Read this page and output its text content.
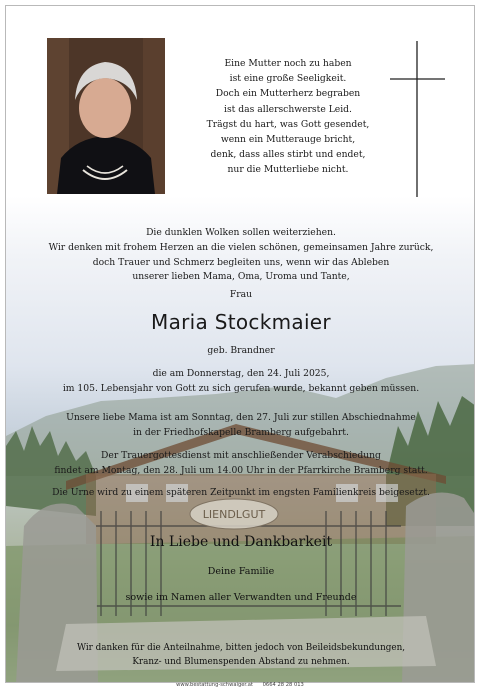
LIENDLGUT
Eine Mutter noch zu haben
ist eine große Seeligkeit.
Doch ein Mutterherz begraben
ist das allerschwerste Leid.
Trägst du hart, was Gott gesendet,
wenn ein Mutterauge bricht,
denk, dass alles stirbt und endet,
nur die Mutterliebe nicht.
Die dunklen Wolken sollen weiterziehen.
Wir denken mit frohem Herzen an die vielen schönen, gemeinsamen Jahre zurück,
doch Trauer und Schmerz begleiten uns, wenn wir das Ableben
unserer lieben Mama, Oma, Uroma und Tante,
Frau
Maria Stockmaier
geb. Brandner
die am Donnerstag, den 24. Juli 2025,
im 105. Lebensjahr von Gott zu sich gerufen wurde, bekannt geben müssen.
Unsere liebe Mama ist am Sonntag, den 27. Juli zur stillen Abschiednahme
in der Friedhofskapelle Bramberg aufgebahrt.
Der Trauergottesdienst mit anschließender Verabschiedung
findet am Montag, den 28. Juli um 14.00 Uhr in der Pfarrkirche Bramberg statt.
Die Urne wird zu einem späteren Zeitpunkt im engsten Familienkreis beigesetzt.
In Liebe und Dankbarkeit
Deine Familie
sowie im Namen aller Verwandten und Freunde
Wir danken für die Anteilnahme, bitten jedoch von Beileidsbekundungen,
Kranz- und Blumenspenden Abstand zu nehmen.
www.bestattung-schwaiger.at 0664 28 28 013
